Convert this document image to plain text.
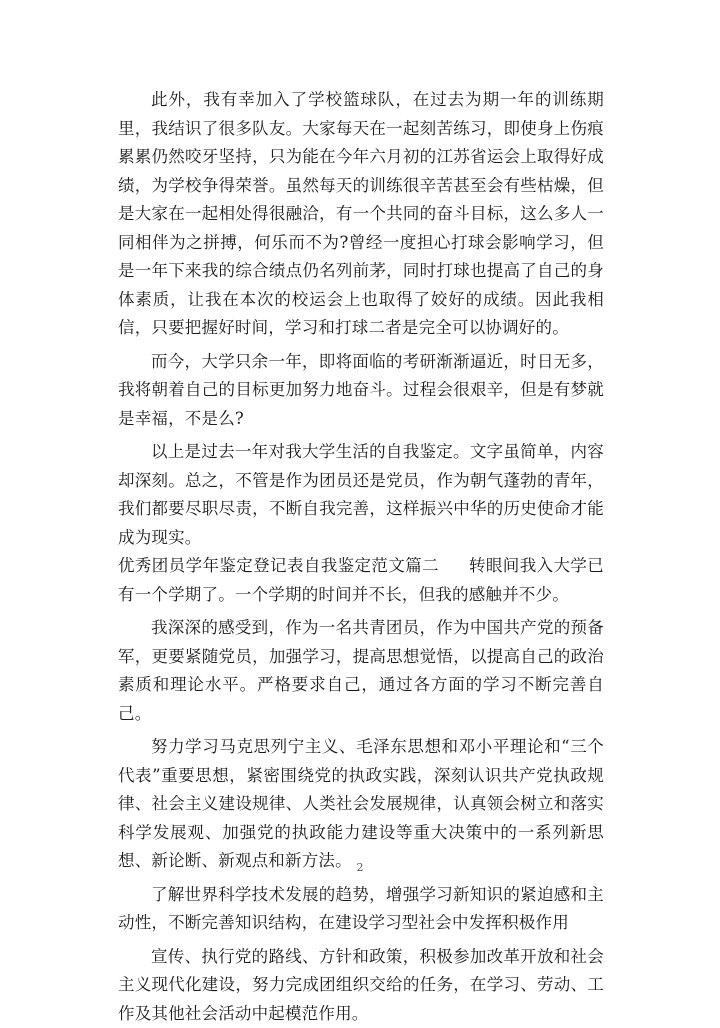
此外，我有幸加入了学校篮球队，在过去为期一年的训练期里，我结识了很多队友。大家每天在一起刻苦练习，即使身上伤痕累累仍然咬牙坚持，只为能在今年六月初的江苏省运会上取得好成绩，为学校争得荣誉。虽然每天的训练很辛苦甚至会有些枯燥，但是大家在一起相处得很融洽，有一个共同的奋斗目标，这么多人一同相伴为之拼搏，何乐而不为?曾经一度担心打球会影响学习，但是一年下来我的综合绩点仍名列前茅，同时打球也提高了自己的身体素质，让我在本次的校运会上也取得了姣好的成绩。因此我相信，只要把握好时间，学习和打球二者是完全可以协调好的。

而今，大学只余一年，即将面临的考研渐渐逼近，时日无多，我将朝着自己的目标更加努力地奋斗。过程会很艰辛，但是有梦就是幸福，不是么?

以上是过去一年对我大学生活的自我鉴定。文字虽简单，内容却深刻。总之，不管是作为团员还是党员，作为朝气蓬勃的青年，我们都要尽职尽责，不断自我完善，这样振兴中华的历史使命才能成为现实。

优秀团员学年鉴定登记表自我鉴定范文篇二 转眼间我入大学已有一个学期了。一个学期的时间并不长，但我的感触并不少。

我深深的感受到，作为一名共青团员，作为中国共产党的预备军，更要紧随党员，加强学习，提高思想觉悟，以提高自己的政治素质和理论水平。严格要求自己，通过各方面的学习不断完善自己。

努力学习马克思列宁主义、毛泽东思想和邓小平理论和“三个代表”重要思想，紧密围绕党的执政实践，深刻认识共产党执政规律、社会主义建设规律、人类社会发展规律，认真领会树立和落实科学发展观、加强党的执政能力建设等重大决策中的一系列新思想、新论断、新观点和新方法。

了解世界科学技术发展的趋势，增强学习新知识的紧迫感和主动性，不断完善知识结构，在建设学习型社会中发挥积极作用

宣传、执行党的路线、方针和政策，积极参加改革开放和社会主义现代化建设，努力完成团组织交给的任务，在学习、劳动、工作及其他社会活动中起模范作用。

2
